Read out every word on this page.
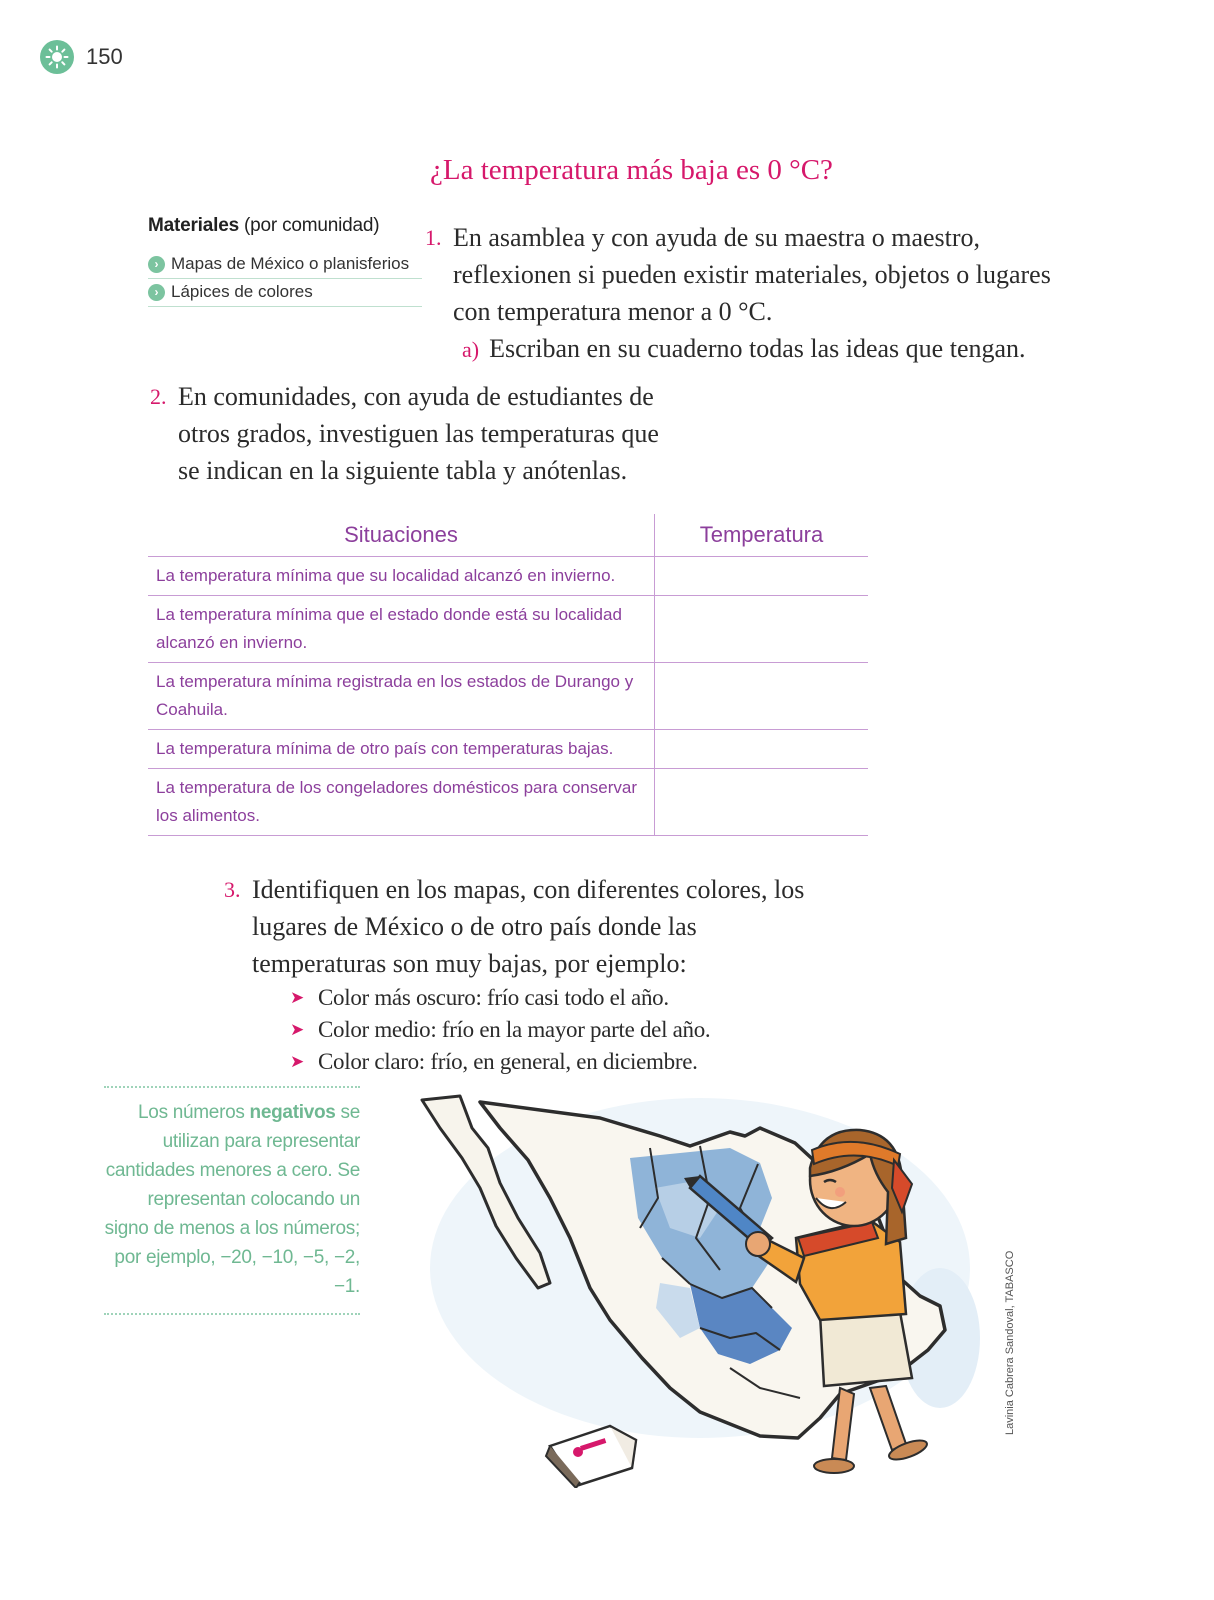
150
¿La temperatura más baja es 0 °C?
Materiales (por comunidad)
› Mapas de México o planisferios
› Lápices de colores
1. En asamblea y con ayuda de su maestra o maestro, reflexionen si pueden existir materiales, objetos o lugares con temperatura menor a 0 °C.
a) Escriban en su cuaderno todas las ideas que tengan.
2. En comunidades, con ayuda de estudiantes de otros grados, investiguen las temperaturas que se indican en la siguiente tabla y anótenlas.
Situaciones	Temperatura
La temperatura mínima que su localidad alcanzó en invierno.	
La temperatura mínima que el estado donde está su localidad alcanzó en invierno.	
La temperatura mínima registrada en los estados de Durango y Coahuila.	
La temperatura mínima de otro país con temperaturas bajas.	
La temperatura de los congeladores domésticos para conservar los alimentos.	
3. Identifiquen en los mapas, con diferentes colores, los lugares de México o de otro país donde las temperaturas son muy bajas, por ejemplo:
➤ Color más oscuro: frío casi todo el año.
➤ Color medio: frío en la mayor parte del año.
➤ Color claro: frío, en general, en diciembre.

Los números negativos se utilizan para representar cantidades menores a cero. Se representan colocando un signo de menos a los números; por ejemplo, −20, −10, −5, −2, −1.	Lavinia Cabrera Sandoval, TABASCO
